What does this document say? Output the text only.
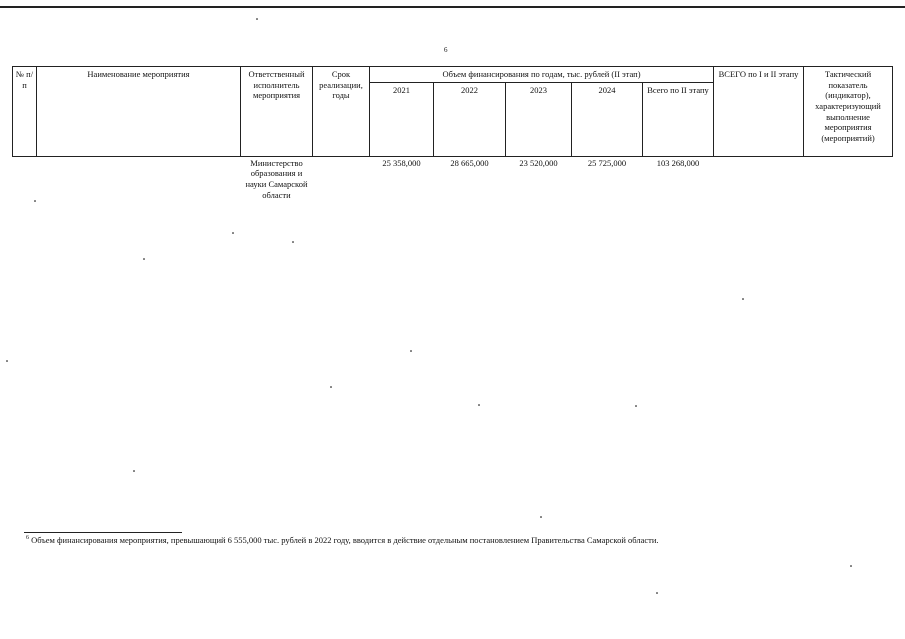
6
№ п/п	Наименование мероприятия	Ответственный исполнитель мероприятия	Срок реализации, годы	Объем финансирования по годам, тыс. рублей (II этап)					ВСЕГО по I и II этапу	Тактический показатель (индикатор), характеризующий выполнение мероприятия (мероприятий)
				2021	2022	2023	2024	Всего по II этапу		
		Министерство образования и науки Самарской области		25 358,000	28 665,000	23 520,000	25 725,000	103 268,000		
$^6$ Объем финансирования мероприятия, превышающий 6 555,000 тыс. рублей в 2022 году, вводится в действие отдельным постановлением Правительства Самарской области.
